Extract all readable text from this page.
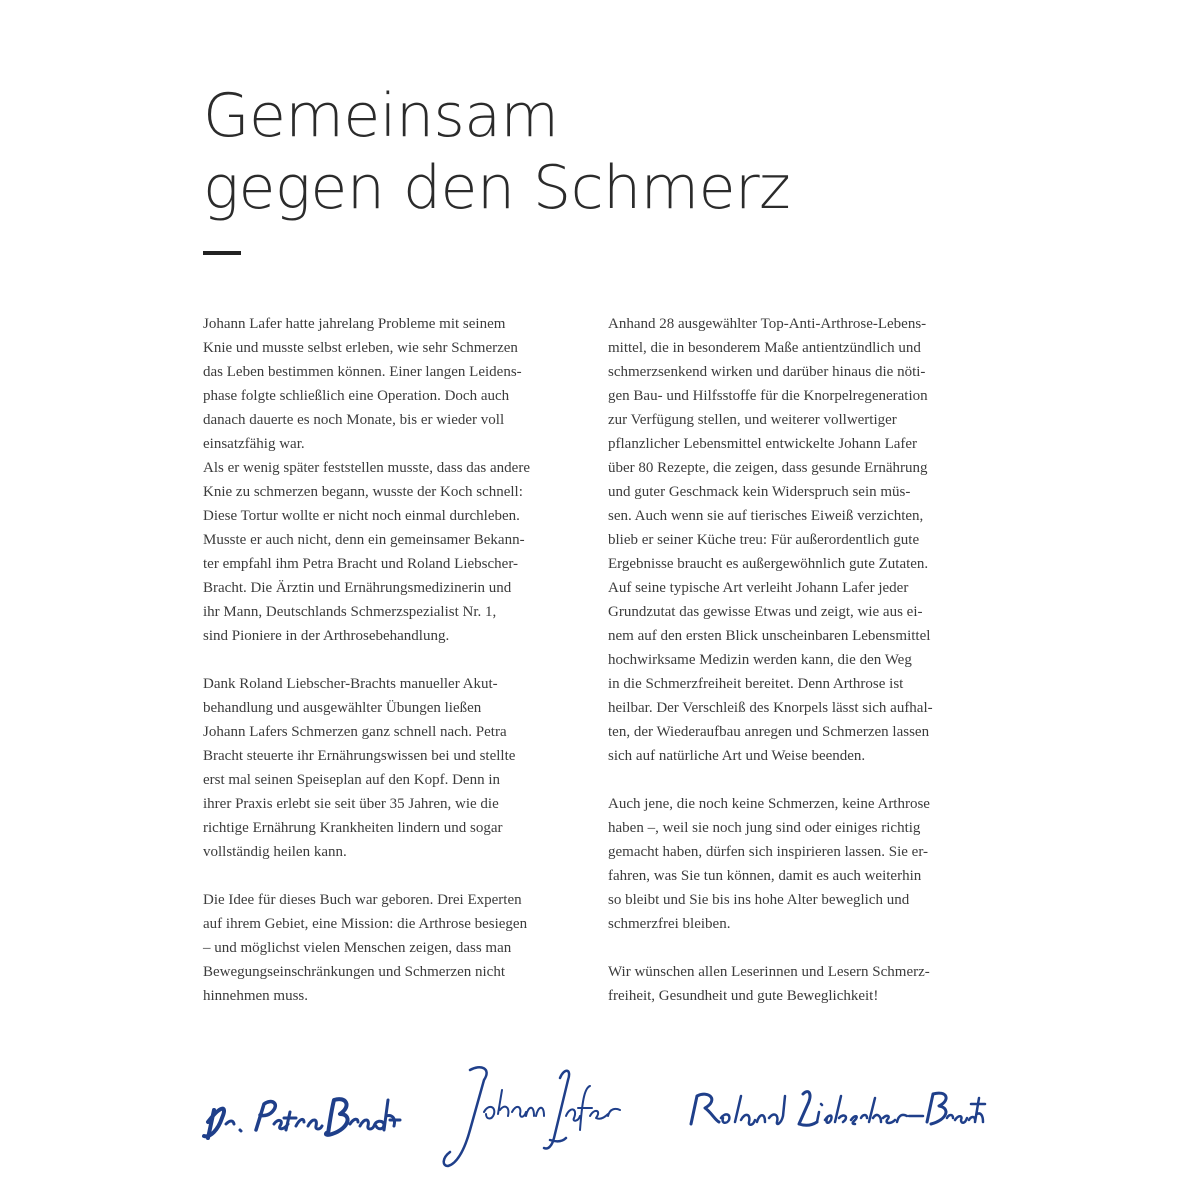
Gemeinsam
gegen den Schmerz

Johann Lafer hatte jahrelang Probleme mit seinem
Knie und musste selbst erleben, wie sehr Schmerzen
das Leben bestimmen können. Einer langen Leidens-
phase folgte schließlich eine Operation. Doch auch
danach dauerte es noch Monate, bis er wieder voll
einsatzfähig war.
Als er wenig später feststellen musste, dass das andere
Knie zu schmerzen begann, wusste der Koch schnell:
Diese Tortur wollte er nicht noch einmal durchleben.
Musste er auch nicht, denn ein gemeinsamer Bekann-
ter empfahl ihm Petra Bracht und Roland Liebscher-
Bracht. Die Ärztin und Ernährungsmedizinerin und
ihr Mann, Deutschlands Schmerzspezialist Nr. 1,
sind Pioniere in der Arthrosebehandlung.

Dank Roland Liebscher-Brachts manueller Akut-
behandlung und ausgewählter Übungen ließen
Johann Lafers Schmerzen ganz schnell nach. Petra
Bracht steuerte ihr Ernährungswissen bei und stellte
erst mal seinen Speiseplan auf den Kopf. Denn in
ihrer Praxis erlebt sie seit über 35 Jahren, wie die
richtige Ernährung Krankheiten lindern und sogar
vollständig heilen kann.

Die Idee für dieses Buch war geboren. Drei Experten
auf ihrem Gebiet, eine Mission: die Arthrose besiegen
– und möglichst vielen Menschen zeigen, dass man
Bewegungseinschränkungen und Schmerzen nicht
hinnehmen muss.

Anhand 28 ausgewählter Top-Anti-Arthrose-Lebens-
mittel, die in besonderem Maße antientzündlich und
schmerzsenkend wirken und darüber hinaus die nöti-
gen Bau- und Hilfsstoffe für die Knorpelregeneration
zur Verfügung stellen, und weiterer vollwertiger
pflanzlicher Lebensmittel entwickelte Johann Lafer
über 80 Rezepte, die zeigen, dass gesunde Ernährung
und guter Geschmack kein Widerspruch sein müs-
sen. Auch wenn sie auf tierisches Eiweiß verzichten,
blieb er seiner Küche treu: Für außerordentlich gute
Ergebnisse braucht es außergewöhnlich gute Zutaten.
Auf seine typische Art verleiht Johann Lafer jeder
Grundzutat das gewisse Etwas und zeigt, wie aus ei-
nem auf den ersten Blick unscheinbaren Lebensmittel
hochwirksame Medizin werden kann, die den Weg
in die Schmerzfreiheit bereitet. Denn Arthrose ist
heilbar. Der Verschleiß des Knorpels lässt sich aufhal-
ten, der Wiederaufbau anregen und Schmerzen lassen
sich auf natürliche Art und Weise beenden.

Auch jene, die noch keine Schmerzen, keine Arthrose
haben –, weil sie noch jung sind oder einiges richtig
gemacht haben, dürfen sich inspirieren lassen. Sie er-
fahren, was Sie tun können, damit es auch weiterhin
so bleibt und Sie bis ins hohe Alter beweglich und
schmerzfrei bleiben.

Wir wünschen allen Leserinnen und Lesern Schmerz-
freiheit, Gesundheit und gute Beweglichkeit!
